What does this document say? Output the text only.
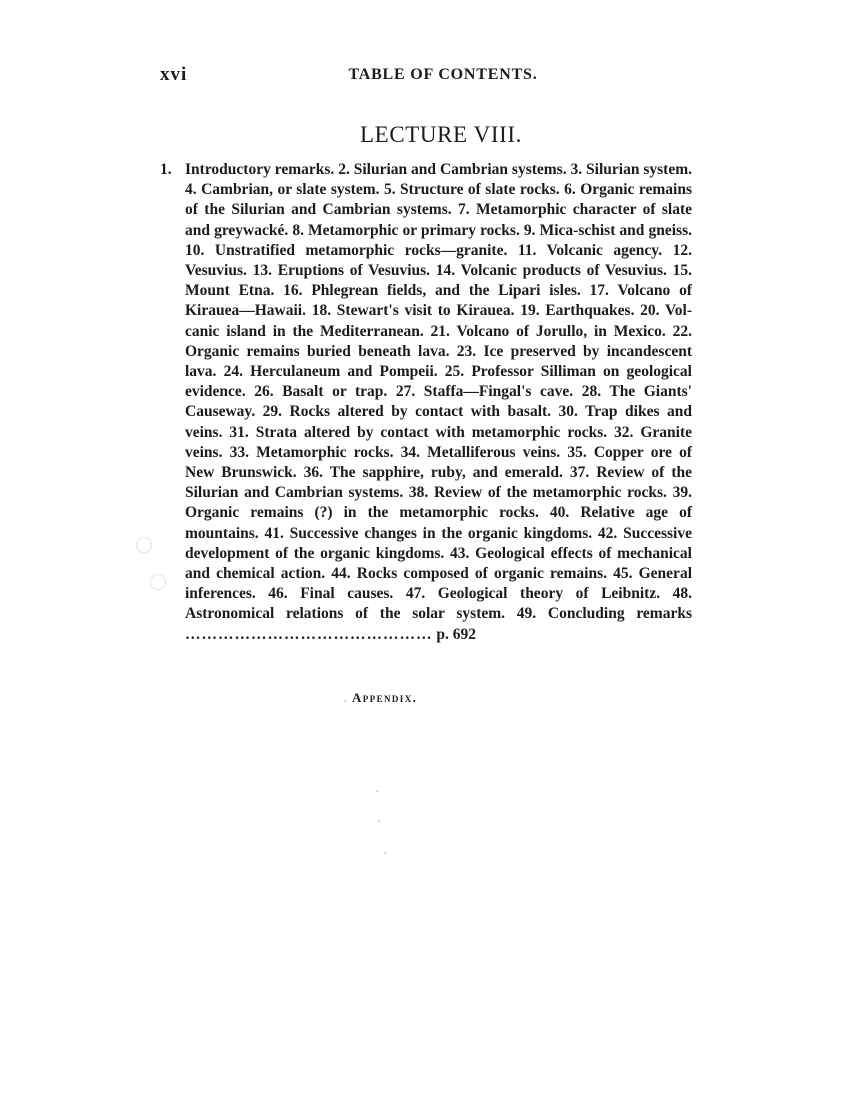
xvi	TABLE OF CONTENTS.
LECTURE VIII.
1. Introductory remarks. 2. Silurian and Cambrian systems. 3. Silurian system. 4. Cambrian, or slate system. 5. Structure of slate rocks. 6. Organic remains of the Silurian and Cambrian systems. 7. Metamorphic character of slate and greywacké. 8. Metamorphic or primary rocks. 9. Mica-schist and gneiss. 10. Unstratified metamorphic rocks—granite. 11. Volcanic agency. 12. Vesuvius. 13. Eruptions of Vesuvius. 14. Volcanic products of Vesuvius. 15. Mount Etna. 16. Phlegrean fields, and the Lipari isles. 17. Volcano of Kirauea—Hawaii. 18. Stewart's visit to Kirauea. 19. Earthquakes. 20. Volcanic island in the Mediterranean. 21. Volcano of Jorullo, in Mexico. 22. Organic remains buried beneath lava. 23. Ice preserved by incandescent lava. 24. Herculaneum and Pompeii. 25. Professor Silliman on geological evidence. 26. Basalt or trap. 27. Staffa—Fingal's cave. 28. The Giants' Causeway. 29. Rocks altered by contact with basalt. 30. Trap dikes and veins. 31. Strata altered by contact with metamorphic rocks. 32. Granite veins. 33. Metamorphic rocks. 34. Metalliferous veins. 35. Copper ore of New Brunswick. 36. The sapphire, ruby, and emerald. 37. Review of the Silurian and Cambrian systems. 38. Review of the metamorphic rocks. 39. Organic remains (?) in the metamorphic rocks. 40. Relative age of mountains. 41. Successive changes in the organic kingdoms. 42. Successive development of the organic kingdoms. 43. Geological effects of mechanical and chemical action. 44. Rocks composed of organic remains. 45. General inferences. 46. Final causes. 47. Geological theory of Leibnitz. 48. Astronomical relations of the solar system. 49. Concluding remarks ……………………………………… p. 692

Appendix.
